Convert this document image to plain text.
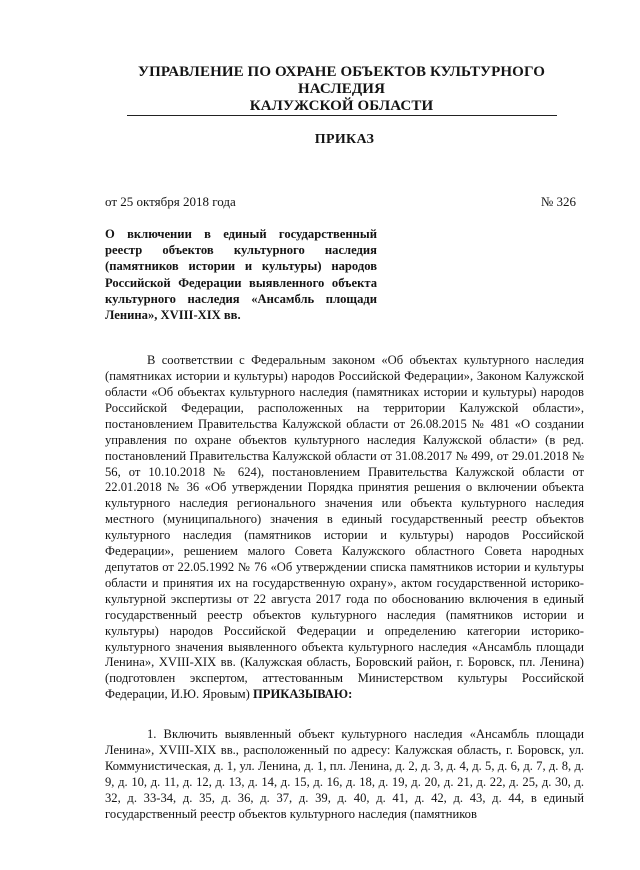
УПРАВЛЕНИЕ ПО ОХРАНЕ ОБЪЕКТОВ КУЛЬТУРНОГО НАСЛЕДИЯ
КАЛУЖСКОЙ ОБЛАСТИ
ПРИКАЗ
от 25 октября 2018 года	№ 326
О включении в единый государственный реестр объектов культурного наследия (памятников истории и культуры) народов Российской Федерации выявленного объекта культурного наследия «Ансамбль площади Ленина», XVIII-XIX вв.

В соответствии с Федеральным законом «Об объектах культурного наследия (памятниках истории и культуры) народов Российской Федерации», Законом Калужской области «Об объектах культурного наследия (памятниках истории и культуры) народов Российской Федерации, расположенных на территории Калужской области», постановлением Правительства Калужской области от 26.08.2015 № 481 «О создании управления по охране объектов культурного наследия Калужской области» (в ред. постановлений Правительства Калужской области от 31.08.2017 № 499, от 29.01.2018 № 56, от 10.10.2018 № 624), постановлением Правительства Калужской области от 22.01.2018 № 36 «Об утверждении Порядка принятия решения о включении объекта культурного наследия регионального значения или объекта культурного наследия местного (муниципального) значения в единый государственный реестр объектов культурного наследия (памятников истории и культуры) народов Российской Федерации», решением малого Совета Калужского областного Совета народных депутатов от 22.05.1992 № 76 «Об утверждении списка памятников истории и культуры области и принятия их на государственную охрану», актом государственной историко-культурной экспертизы от 22 августа 2017 года по обоснованию включения в единый государственный реестр объектов культурного наследия (памятников истории и культуры) народов Российской Федерации и определению категории историко-культурного значения выявленного объекта культурного наследия «Ансамбль площади Ленина», XVIII-XIX вв. (Калужская область, Боровский район, г. Боровск, пл. Ленина) (подготовлен экспертом, аттестованным Министерством культуры Российской Федерации, И.Ю. Яровым) ПРИКАЗЫВАЮ:

1. Включить выявленный объект культурного наследия «Ансамбль площади Ленина», XVIII-XIX вв., расположенный по адресу: Калужская область, г. Боровск, ул. Коммунистическая, д. 1, ул. Ленина, д. 1, пл. Ленина, д. 2, д. 3, д. 4, д. 5, д. 6, д. 7, д. 8, д. 9, д. 10, д. 11, д. 12, д. 13, д. 14, д. 15, д. 16, д. 18, д. 19, д. 20, д. 21, д. 22, д. 25, д. 30, д. 32, д. 33-34, д. 35, д. 36, д. 37, д. 39, д. 40, д. 41, д. 42, д. 43, д. 44, в единый государственный реестр объектов культурного наследия (памятников
